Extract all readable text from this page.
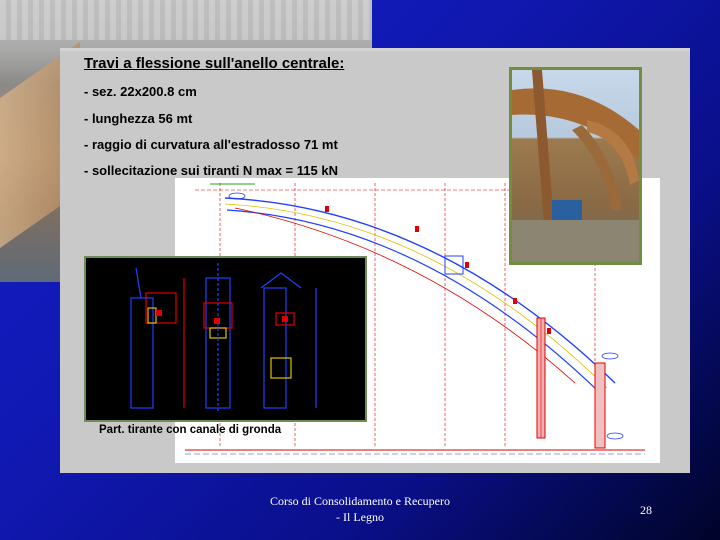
Travi a flessione sull'anello centrale:
- sez. 22x200.8 cm
- lunghezza 56 mt
- raggio di curvatura all'estradosso 71 mt
- sollecitazione sui tiranti N max = 115 kN
Part. tirante con canale di gronda
Corso di Consolidamento e Recupero
- Il Legno	28
